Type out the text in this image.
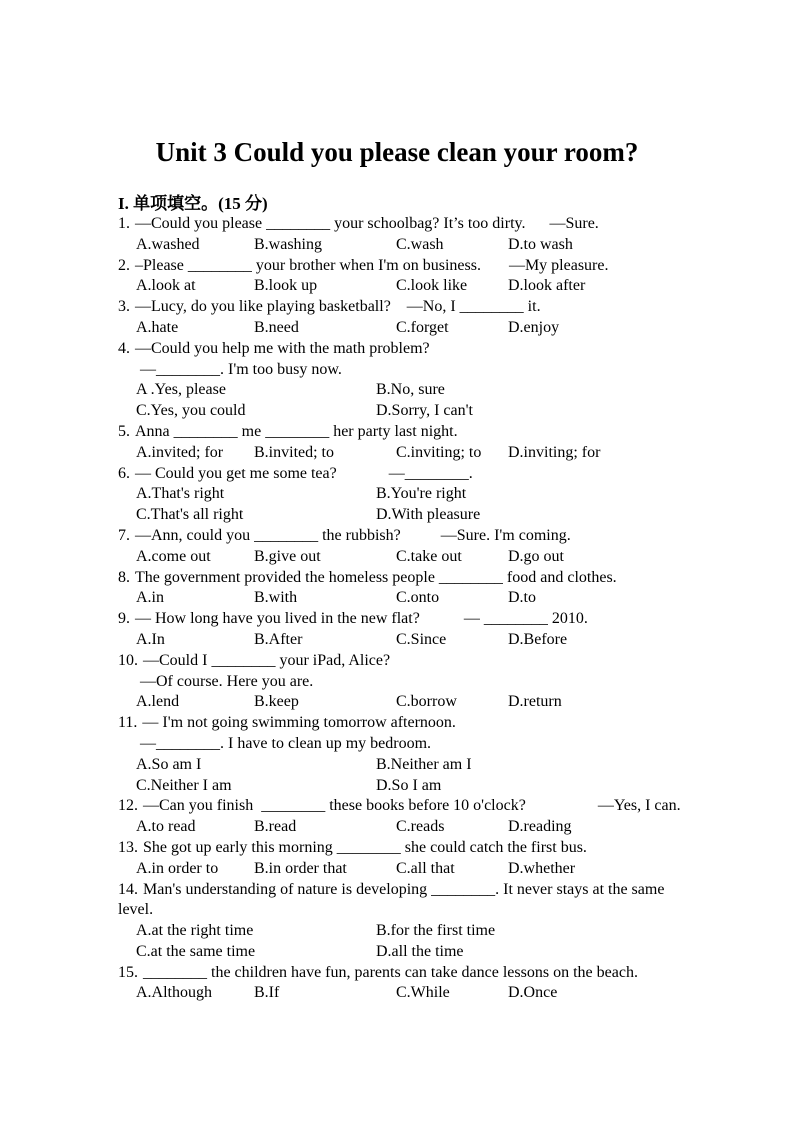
Unit 3 Could you please clean your room?
I. 单项填空。(15 分)
1. —Could you please ________ your schoolbag? It’s too dirty.      —Sure.
A.washed	B.washing	C.wash	D.to wash
2. –Please ________ your brother when I'm on business.       —My pleasure.
A.look at	B.look up	C.look like	D.look after
3. —Lucy, do you like playing basketball?    —No, I ________ it.
A.hate	B.need	C.forget	D.enjoy
4. —Could you help me with the math problem?
—________. I'm too busy now.
A .Yes, please	B.No, sure
C.Yes, you could	D.Sorry, I can't
5. Anna ________ me ________ her party last night.
A.invited; for	B.invited; to	C.inviting; to	D.inviting; for
6. — Could you get me some tea?             —________.
A.That's right	B.You're right
C.That's all right	D.With pleasure
7. —Ann, could you ________ the rubbish?          —Sure. I'm coming.
A.come out	B.give out	C.take out	D.go out
8. The government provided the homeless people ________ food and clothes.
A.in	B.with	C.onto	D.to
9. — How long have you lived in the new flat?           — ________ 2010.
A.In	B.After	C.Since	D.Before
10. —Could I ________ your iPad, Alice?
—Of course. Here you are.
A.lend	B.keep	C.borrow	D.return
11. — I'm not going swimming tomorrow afternoon.
—________. I have to clean up my bedroom.
A.So am I	B.Neither am I
C.Neither I am	D.So I am
12. —Can you finish  ________ these books before 10 o'clock?                  —Yes, I can.
A.to read	B.read	C.reads	D.reading
13. She got up early this morning ________ she could catch the first bus.
A.in order to	B.in order that	C.all that	D.whether
14. Man's understanding of nature is developing ________. It never stays at the same
level.
A.at the right time	B.for the first time
C.at the same time	D.all the time
15. ________ the children have fun, parents can take dance lessons on the beach.
A.Although	B.If	C.While	D.Once
